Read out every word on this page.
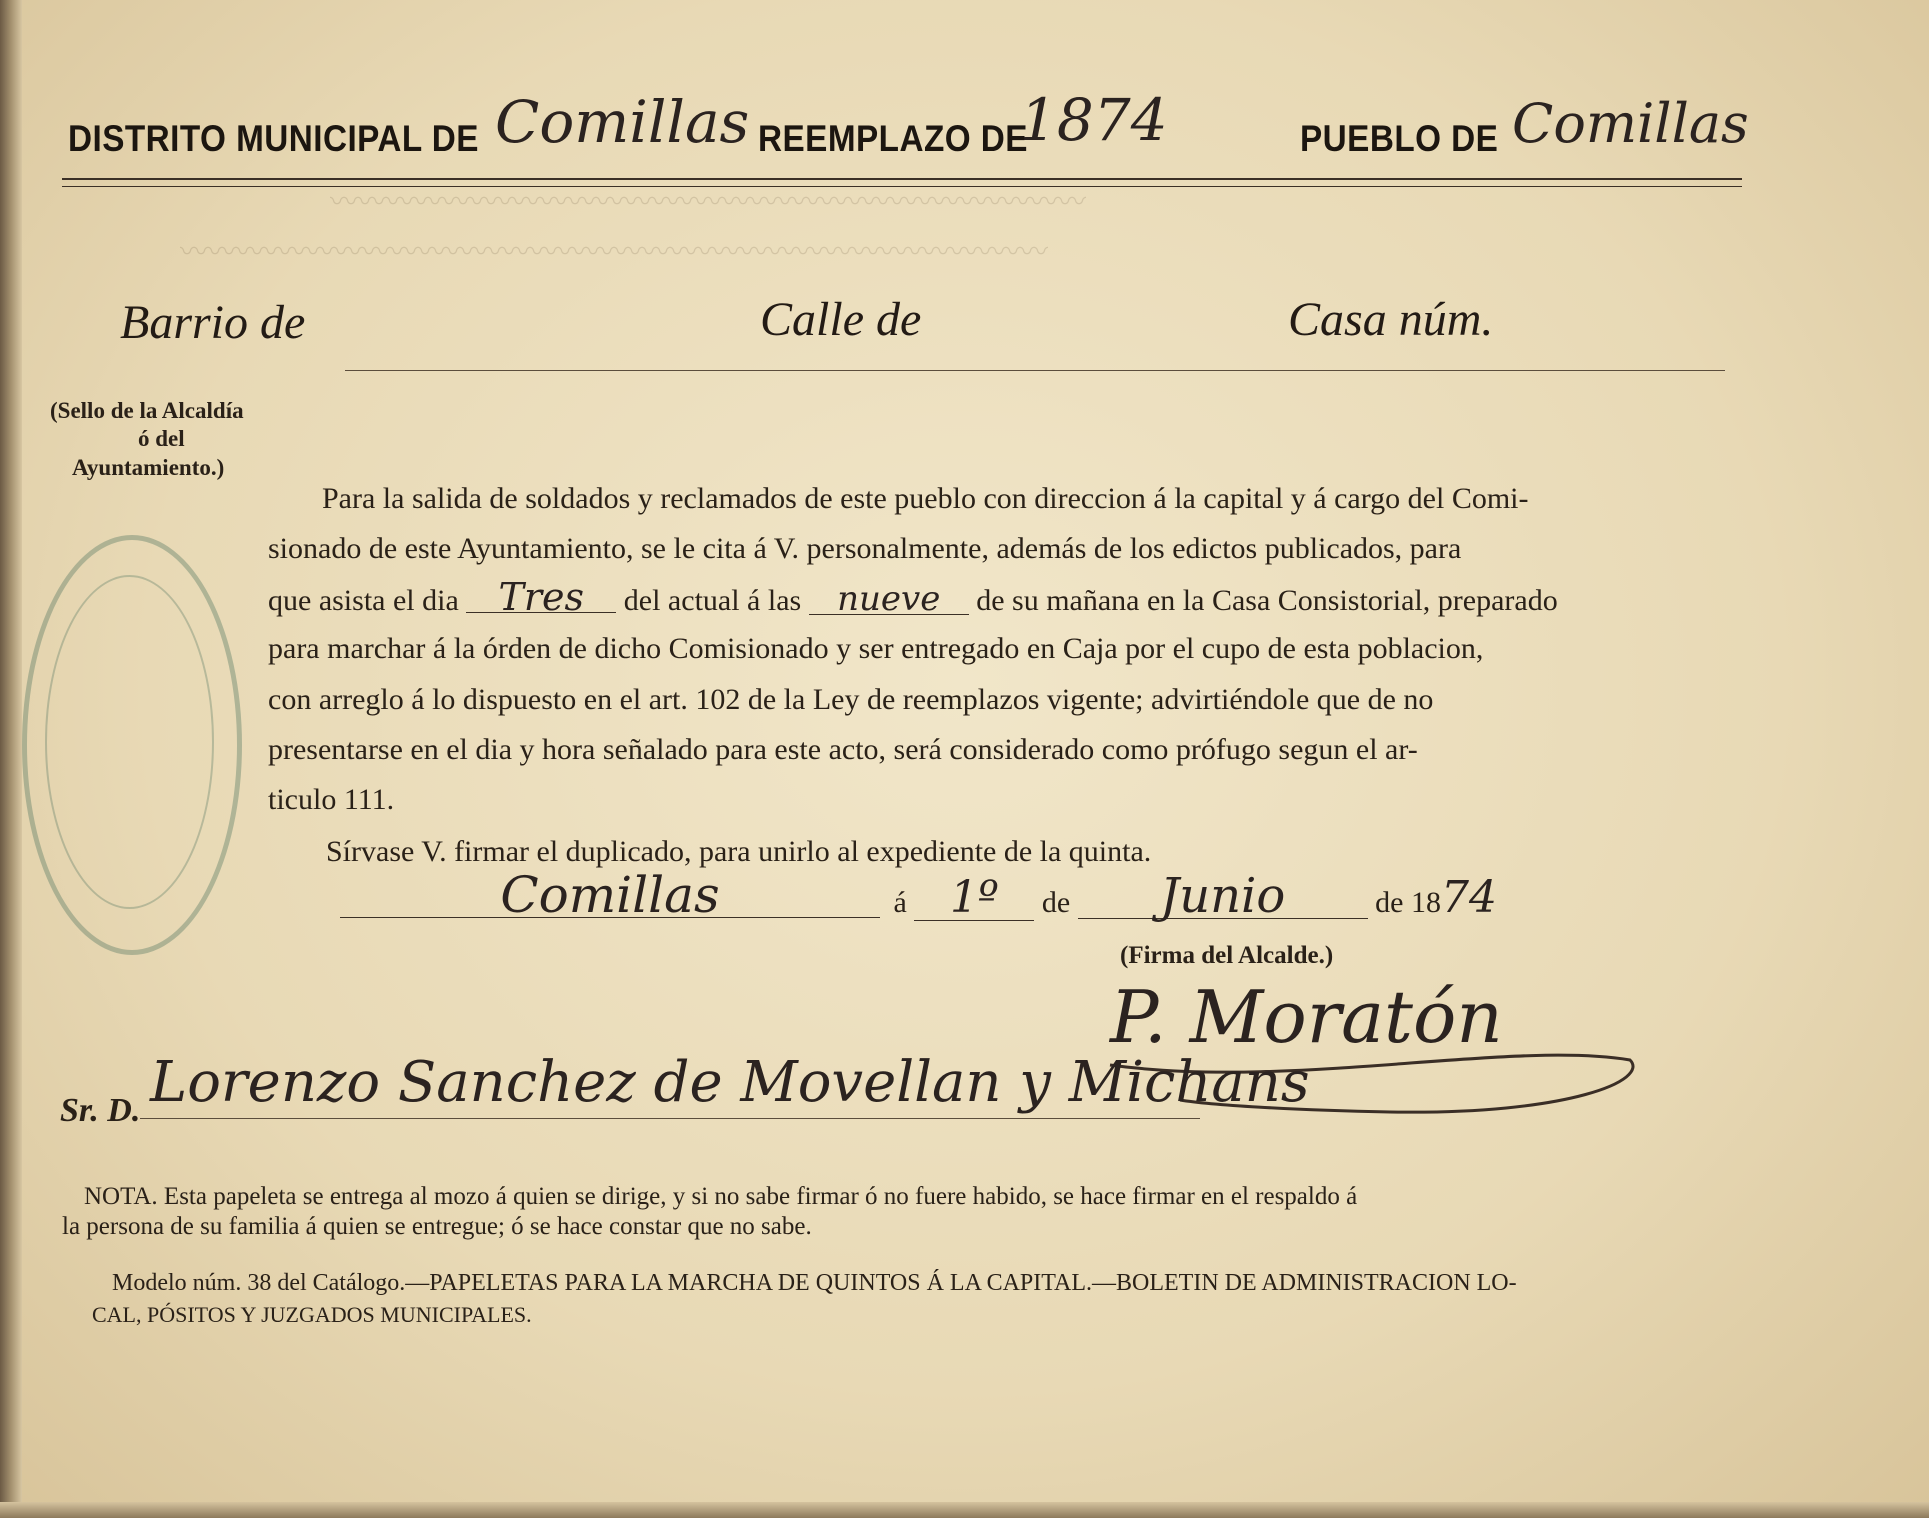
〰〰〰〰〰〰〰〰〰〰〰〰〰〰〰〰〰〰〰〰〰〰〰〰〰〰〰
〰〰〰〰〰〰〰〰〰〰〰〰〰〰〰〰〰〰〰〰〰〰〰〰〰〰〰〰〰〰〰
DISTRITO MUNICIPAL DE Comillas REEMPLAZO DE
1874	PUEBLO DE Comillas
Barrio de	Calle de	Casa núm.
(Sello de la Alcaldía
ó del
Ayuntamiento.)
Para la salida de soldados y reclamados de este pueblo con direccion á la capital y á cargo del Comi-
sionado de este Ayuntamiento, se le cita á V. personalmente, además de los edictos publicados, para
que asista el dia Tres del actual á las nueve de su mañana en la Casa Consistorial, preparado
para marchar á la órden de dicho Comisionado y ser entregado en Caja por el cupo de esta poblacion,
con arreglo á lo dispuesto en el art. 102 de la Ley de reemplazos vigente; advirtiéndole que de no
presentarse en el dia y hora señalado para este acto, será considerado como prófugo segun el ar-
ticulo 111.
Sírvase V. firmar el duplicado, para unirlo al expediente de la quinta.
Comillas	á 1º de Junio	de 1874
(Firma del Alcalde.)
P. Moratón
Sr. D. Lorenzo Sanchez de Movellan y Michans
NOTA. Esta papeleta se entrega al mozo á quien se dirige, y si no sabe firmar ó no fuere habido, se hace firmar en el respaldo á
la persona de su familia á quien se entregue; ó se hace constar que no sabe.
Modelo núm. 38 del Catálogo.—PAPELETAS PARA LA MARCHA DE QUINTOS Á LA CAPITAL.—BOLETIN DE ADMINISTRACION LO-
CAL, PÓSITOS Y JUZGADOS MUNICIPALES.
